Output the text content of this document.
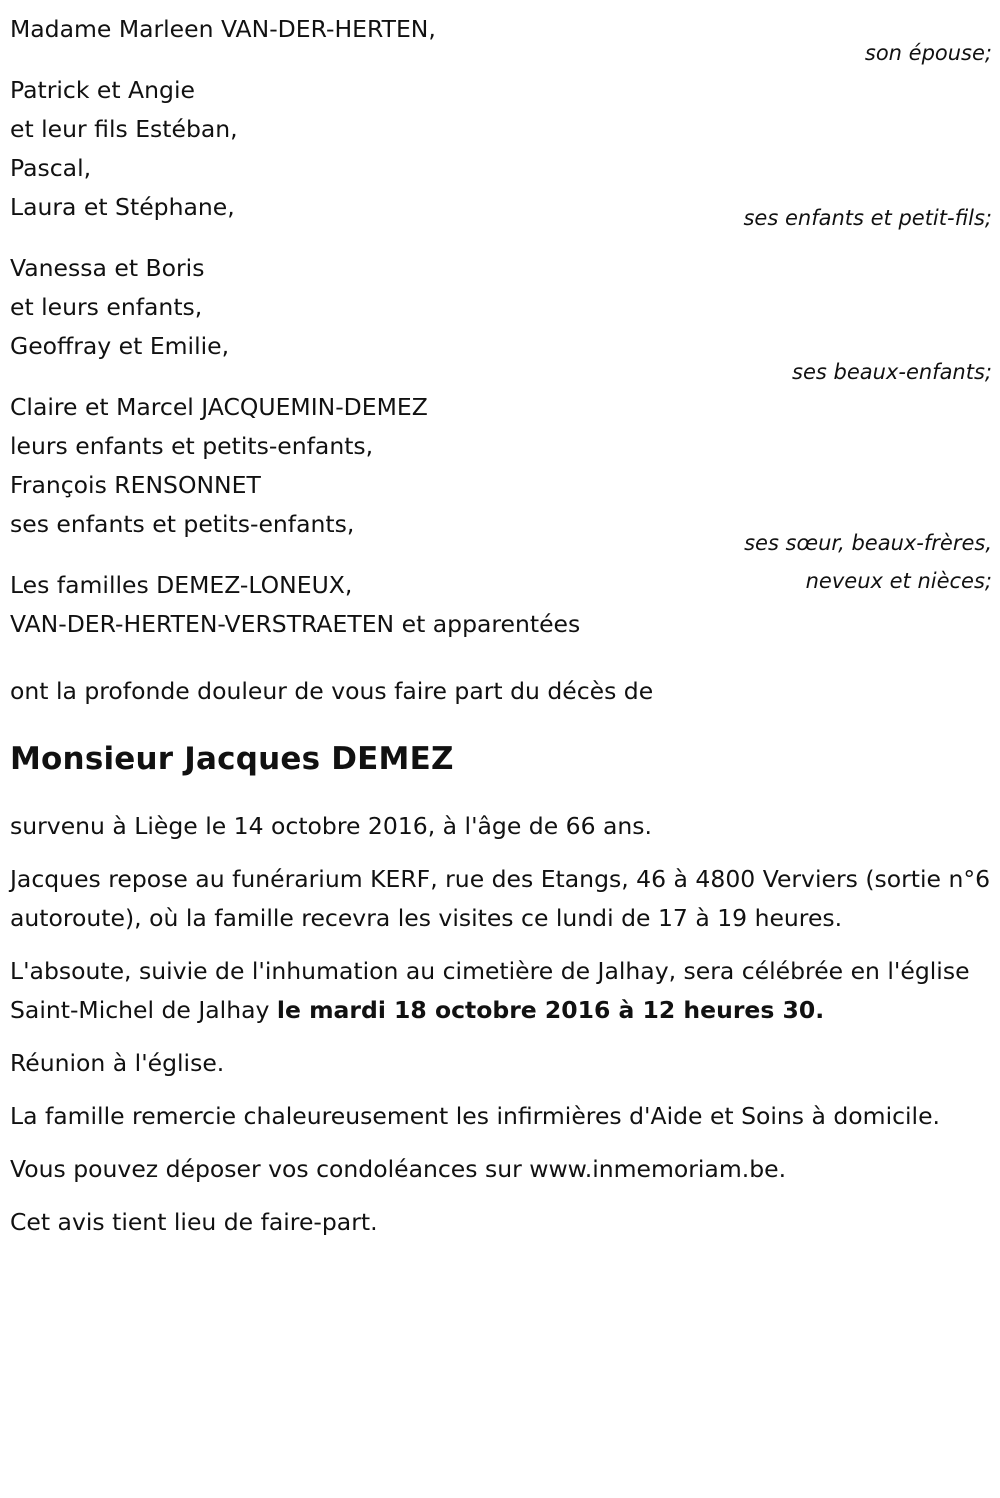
Madame Marleen VAN-DER-HERTEN,
son épouse;
Patrick et Angie
et leur fils Estéban,
Pascal,
Laura et Stéphane,	ses enfants et petit-fils;
Vanessa et Boris
et leurs enfants,
Geoffray et Emilie,
ses beaux-enfants;
Claire et Marcel JACQUEMIN-DEMEZ
leurs enfants et petits-enfants,
François RENSONNET
ses enfants et petits-enfants,
ses sœur, beaux-frères, neveux et nièces;
Les familles DEMEZ-LONEUX,
VAN-DER-HERTEN-VERSTRAETEN et apparentées
ont la profonde douleur de vous faire part du décès de
Monsieur Jacques DEMEZ
survenu à Liège le 14 octobre 2016, à l'âge de 66 ans.
Jacques repose au funérarium KERF, rue des Etangs, 46 à 4800 Verviers (sortie n°6 autoroute), où la famille recevra les visites ce lundi de 17 à 19 heures.
L'absoute, suivie de l'inhumation au cimetière de Jalhay, sera célébrée en l'église Saint-Michel de Jalhay le mardi 18 octobre 2016 à 12 heures 30.
Réunion à l'église.
La famille remercie chaleureusement les infirmières d'Aide et Soins à domicile.
Vous pouvez déposer vos condoléances sur www.inmemoriam.be.
Cet avis tient lieu de faire-part.
